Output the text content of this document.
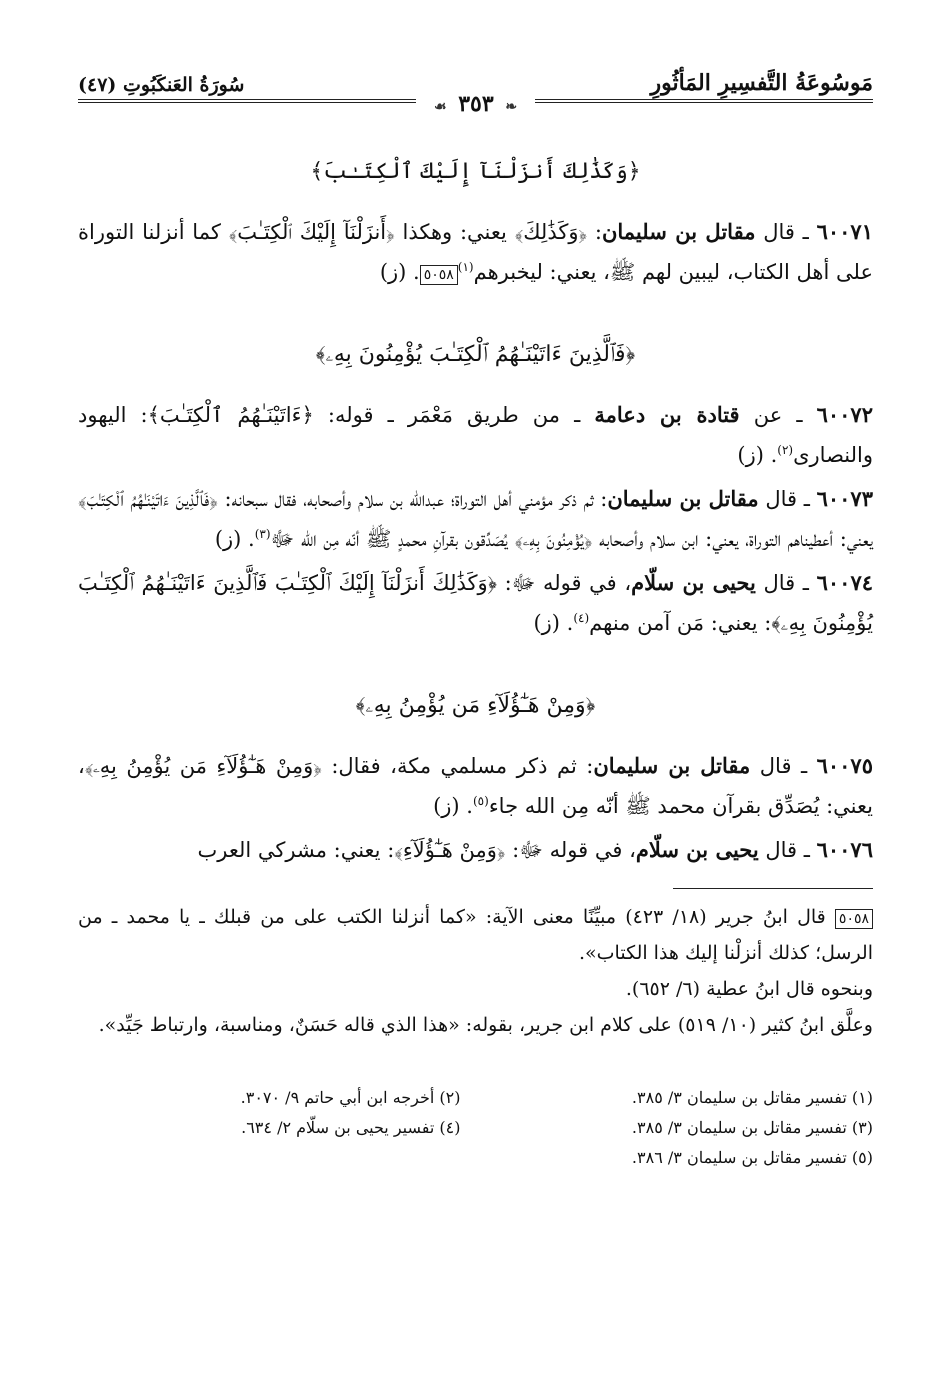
مَوسُوعَةُ التَّفسِيرِ المَأثُورِ
سُورَةُ العَنكَبُوتِ (٤٧)
❧ ٣٥٣ ☙
﴿وَكَذَٰلِكَ أَنزَلْنَآ إِلَيْكَ ٱلْكِتَـٰبَ﴾

٦٠٠٧١ ـ قال مقاتل بن سليمان: ﴿وَكَذَٰلِكَ﴾ يعني: وهكذا ﴿أَنزَلْنَآ إِلَيْكَ ٱلْكِتَـٰبَ﴾ كما أنزلنا التوراة على أهل الكتاب، ليبين لهم ﷺ، يعني: ليخبرهم$^{(١)}$٥٠٥٨. (ز)

﴿فَٱلَّذِينَ ءَاتَيْنَـٰهُمُ ٱلْكِتَـٰبَ يُؤْمِنُونَ بِهِۦ﴾

٦٠٠٧٢ ـ عن قتادة بن دعامة ـ من طريق مَعْمَر ـ قوله: ﴿ءَاتَيْنَـٰهُمُ ٱلْكِتَـٰبَ﴾: اليهود والنصارى$^{(٢)}$. (ز)

٦٠٠٧٣ ـ قال مقاتل بن سليمان: ثم ذكر مؤمني أهل التوراة؛ عبدالله بن سلام وأصحابه، فقال سبحانه: ﴿فَٱلَّذِينَ ءَاتَيْنَـٰهُمُ ٱلْكِتَـٰبَ﴾ يعني: أعطيناهم التوراة، يعني: ابن سلام وأصحابه ﴿يُؤْمِنُونَ بِهِۦ﴾ يُصَدِّقون بقرآنِ محمدٍ ﷺ أنّه مِن الله ﷻ$^{(٣)}$. (ز)

٦٠٠٧٤ ـ قال يحيى بن سلّام، في قوله ﷻ: ﴿وَكَذَٰلِكَ أَنزَلْنَآ إِلَيْكَ ٱلْكِتَـٰبَ فَٱلَّذِينَ ءَاتَيْنَـٰهُمُ ٱلْكِتَـٰبَ يُؤْمِنُونَ بِهِۦ﴾: يعني: مَن آمن منهم$^{(٤)}$. (ز)

﴿وَمِنْ هَـٰٓؤُلَآءِ مَن يُؤْمِنُ بِهِۦ﴾

٦٠٠٧٥ ـ قال مقاتل بن سليمان: ثم ذكر مسلمي مكة، فقال: ﴿وَمِنْ هَـٰٓؤُلَآءِ مَن يُؤْمِنُ بِهِۦ﴾، يعني: يُصَدِّق بقرآن محمد ﷺ أنّه مِن الله جاء$^{(٥)}$. (ز)

٦٠٠٧٦ ـ قال يحيى بن سلّام، في قوله ﷻ: ﴿وَمِنْ هَـٰٓؤُلَآءِ﴾: يعني: مشركي العرب

٥٠٥٨ قال ابنُ جرير (١٨/ ٤٢٣) مبيِّنًا معنى الآية: «كما أنزلنا الكتب على من قبلك ـ يا محمد ـ من الرسل؛ كذلك أنزلْنا إليك هذا الكتاب».
وبنحوه قال ابنُ عطية (٦/ ٦٥٢).
وعلَّق ابنُ كثير (١٠/ ٥١٩) على كلام ابن جرير، بقوله: «هذا الذي قاله حَسَنٌ، ومناسبة، وارتباط جَيِّد».
(١) تفسير مقاتل بن سليمان ٣/ ٣٨٥.
(٢) أخرجه ابن أبي حاتم ٩/ ٣٠٧٠.
(٣) تفسير مقاتل بن سليمان ٣/ ٣٨٥.
(٤) تفسير يحيى بن سلّام ٢/ ٦٣٤.
(٥) تفسير مقاتل بن سليمان ٣/ ٣٨٦.
